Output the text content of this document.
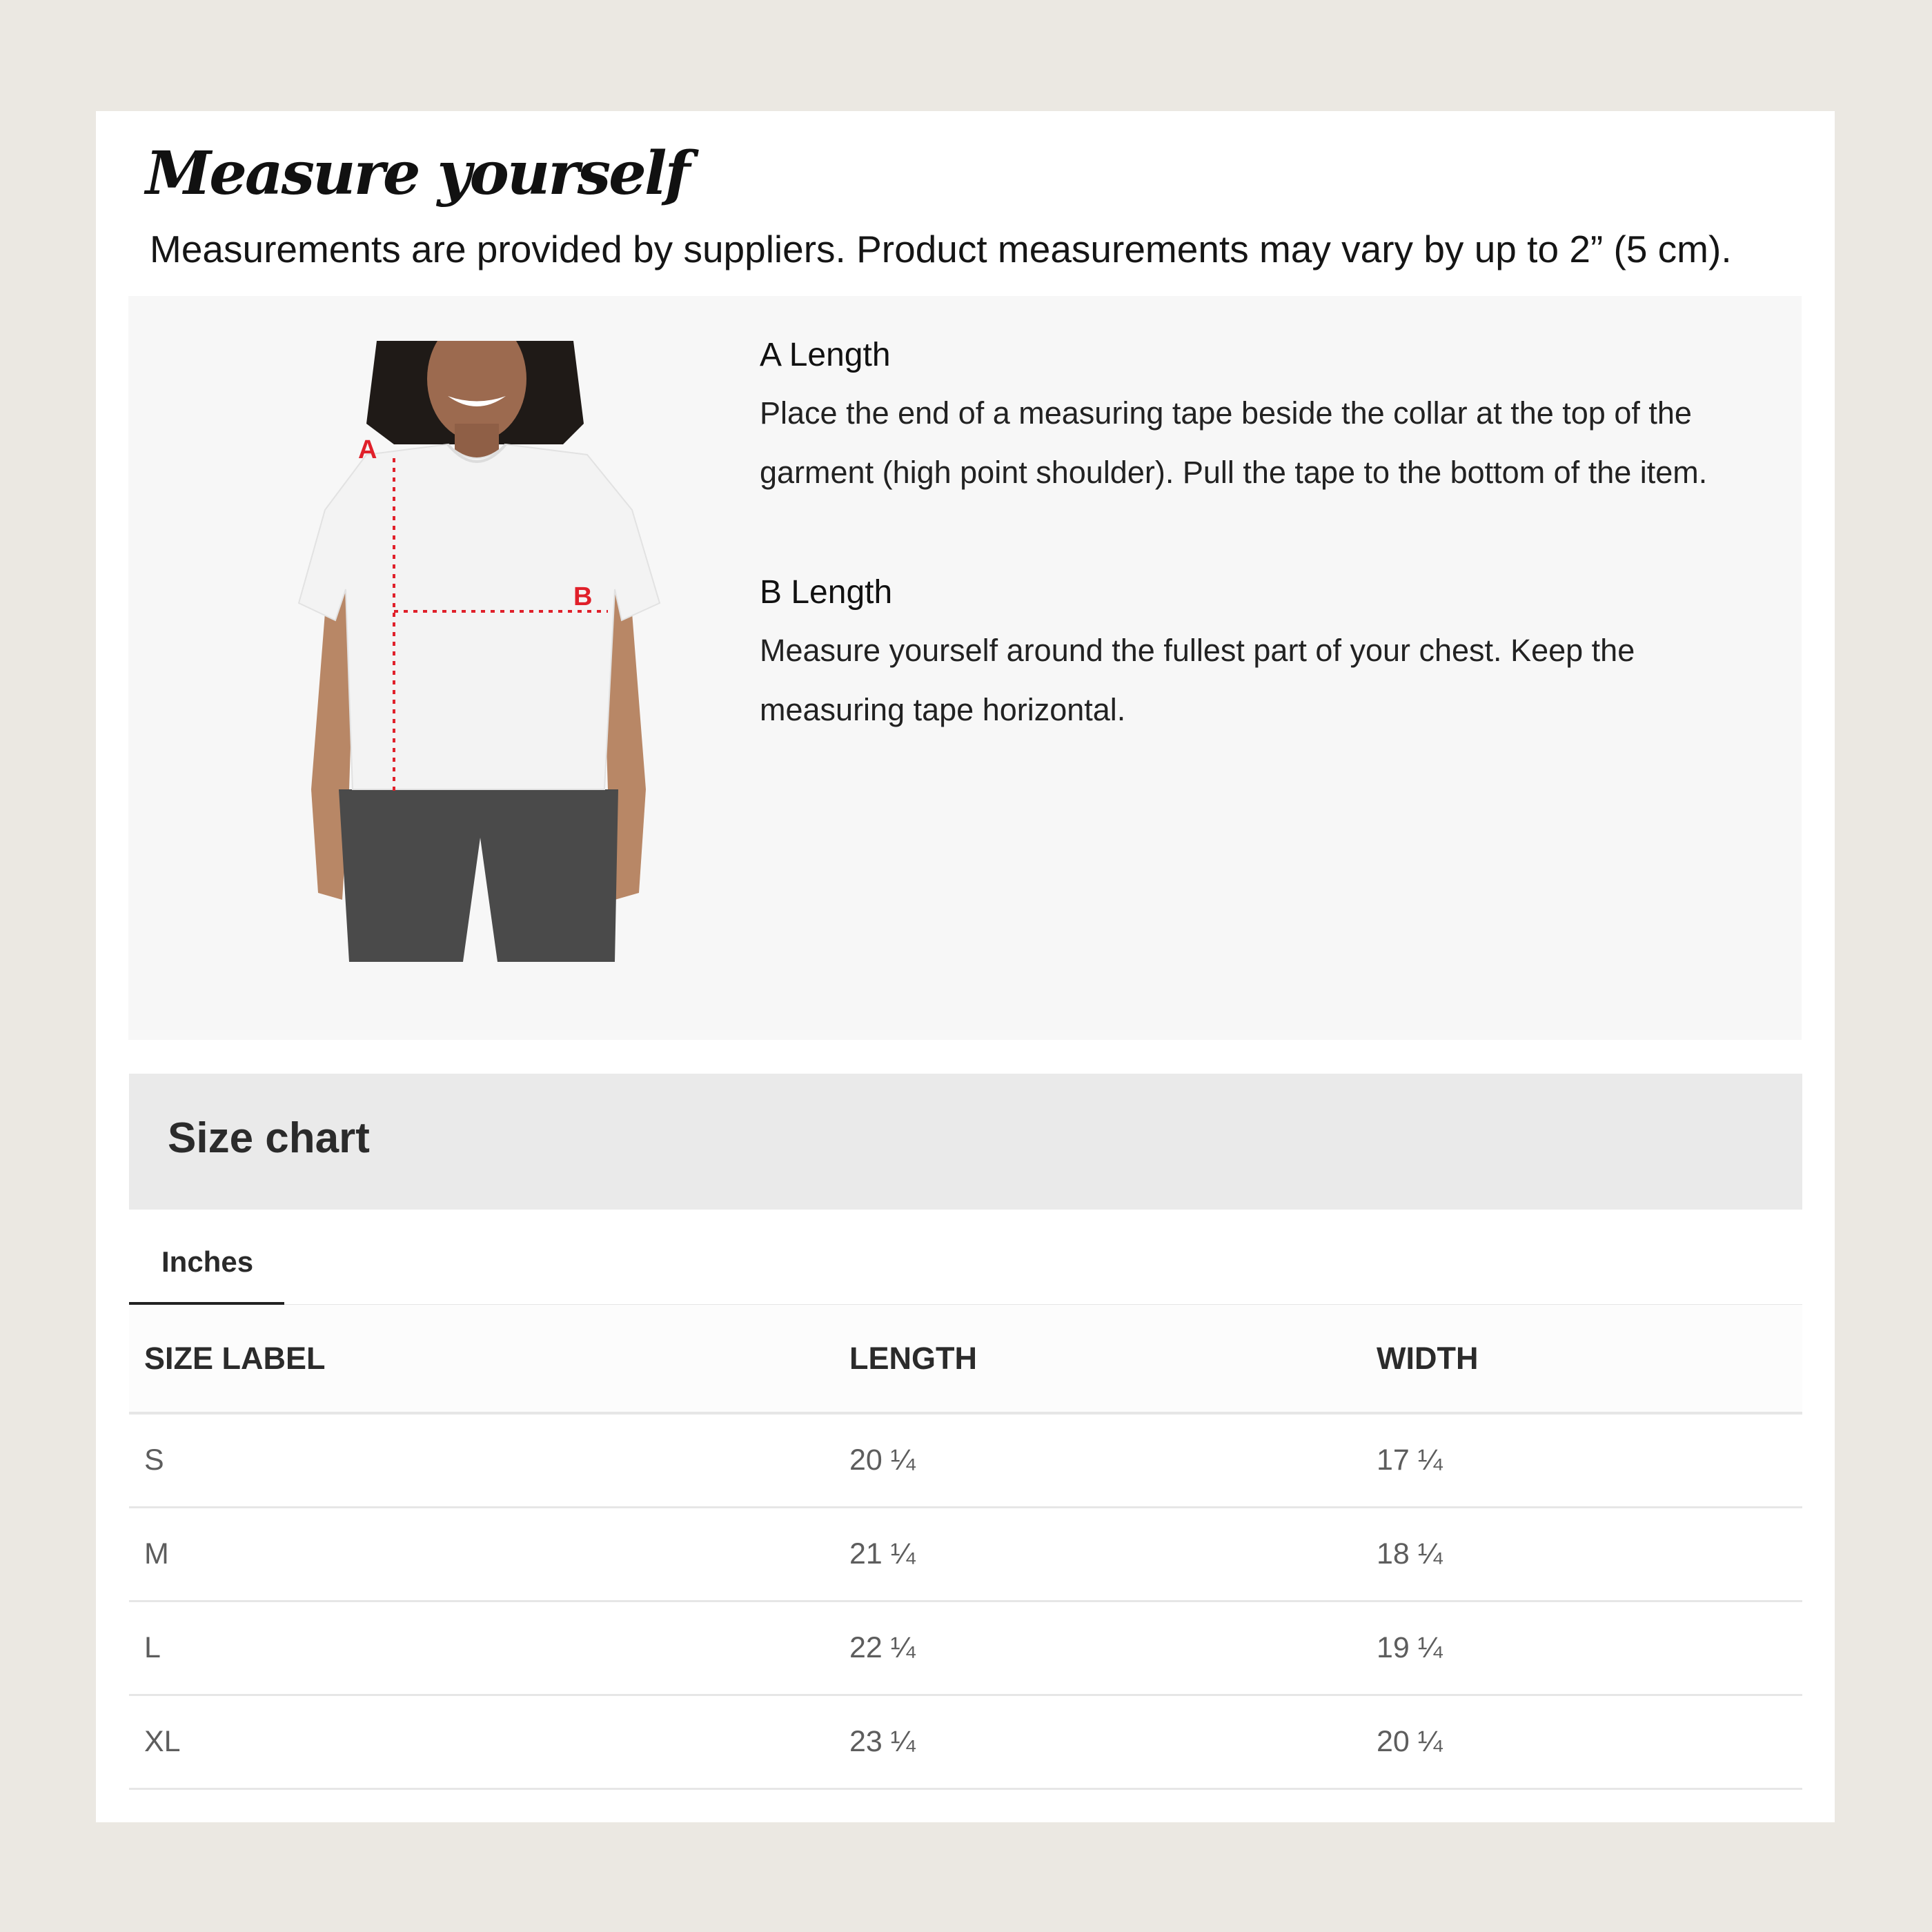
Measure yourself
Measurements are provided by suppliers. Product measurements may vary by up to 2” (5 cm).
A
B
A Length
Place the end of a measuring tape beside the collar at the top of the garment (high point shoulder). Pull the tape to the bottom of the item.
B Length
Measure yourself around the fullest part of your chest. Keep the measuring tape horizontal.
Size chart
Inches
SIZE LABEL	LENGTH	WIDTH
S	20 ¼	17 ¼
M	21 ¼	18 ¼
L	22 ¼	19 ¼
XL	23 ¼	20 ¼
